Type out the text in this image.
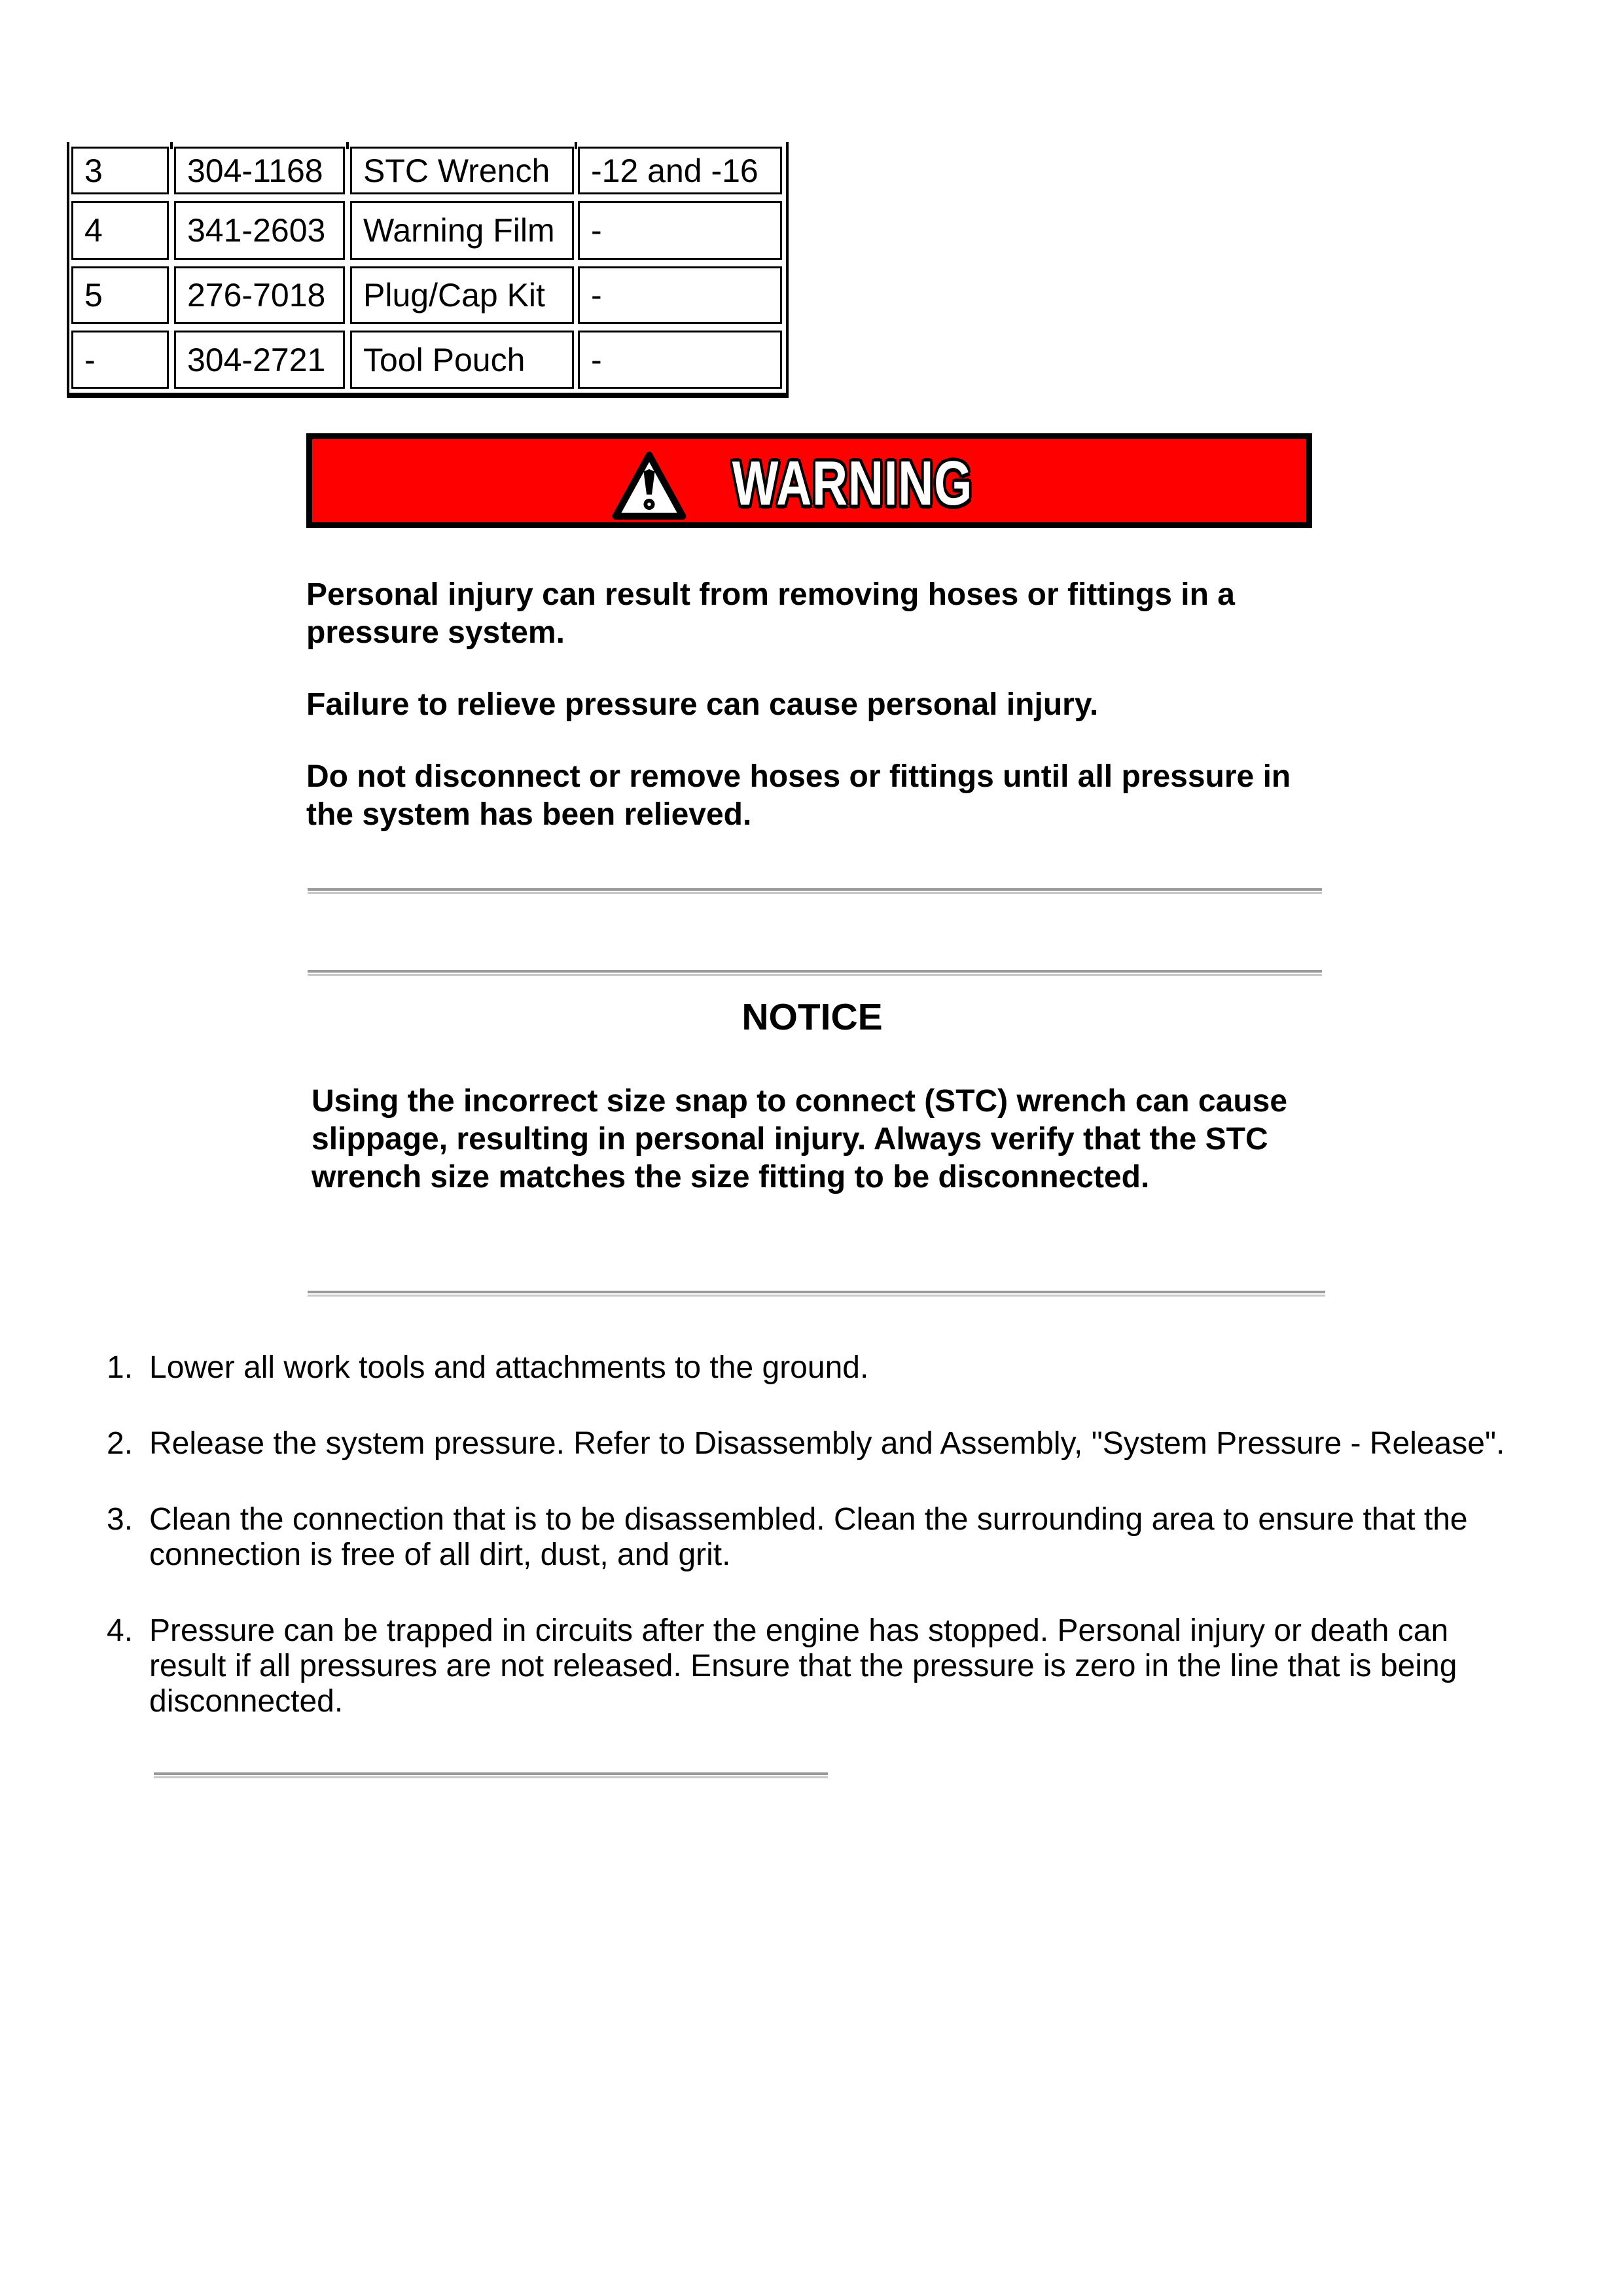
3	304-1168	STC Wrench	-12 and -16
4	341-2603	Warning Film	-
5	276-7018	Plug/Cap Kit	-
-	304-2721	Tool Pouch	-
WARNING

Personal injury can result from removing hoses or fittings in a pressure system.

Failure to relieve pressure can cause personal injury.

Do not disconnect or remove hoses or fittings until all pressure in the system has been relieved.

NOTICE
Using the incorrect size snap to connect (STC) wrench can cause slippage, resulting in personal injury. Always verify that the STC wrench size matches the size fitting to be disconnected.
1. Lower all work tools and attachments to the ground.
2. Release the system pressure. Refer to Disassembly and Assembly, "System Pressure - Release".
3. Clean the connection that is to be disassembled. Clean the surrounding area to ensure that the connection is free of all dirt, dust, and grit.
4. Pressure can be trapped in circuits after the engine has stopped. Personal injury or death can result if all pressures are not released. Ensure that the pressure is zero in the line that is being disconnected.
